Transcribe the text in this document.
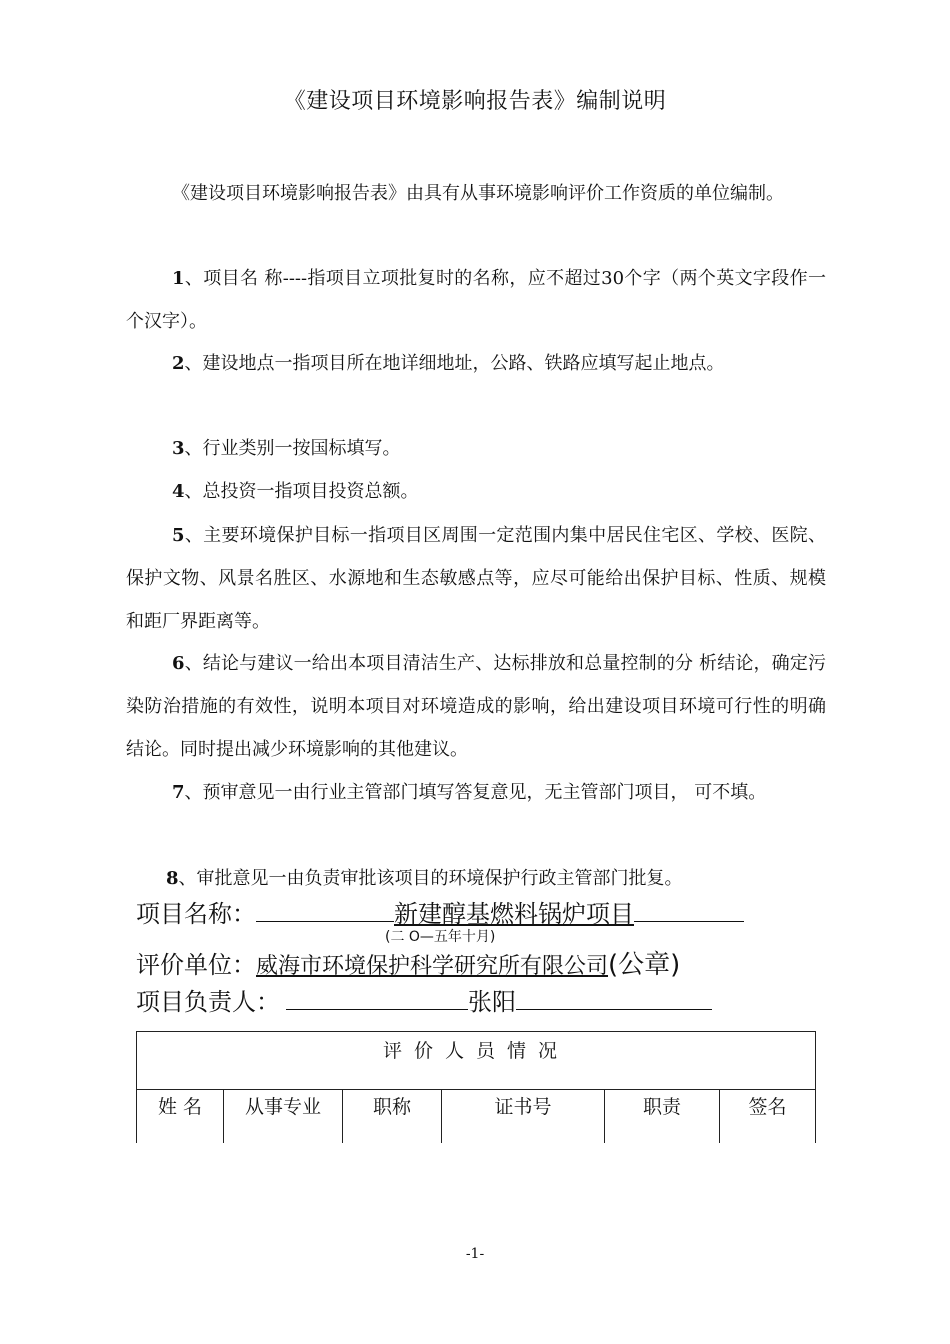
《建设项目环境影响报告表》编制说明

《建设项目环境影响报告表》由具有从事环境影响评价工作资质的单位编制。

1、项目名 称----指项目立项批复时的名称，应不超过30个字（两个英文字段作一个汉字）。

2、建设地点一指项目所在地详细地址，公路、铁路应填写起止地点。

3、行业类别一按国标填写。

4、总投资一指项目投资总额。

5、主要环境保护目标一指项目区周围一定范围内集中居民住宅区、学校、医院、保护文物、风景名胜区、水源地和生态敏感点等，应尽可能给出保护目标、性质、规模和距厂界距离等。

6、结论与建议一给出本项目清洁生产、达标排放和总量控制的分 析结论，确定污染防治措施的有效性，说明本项目对环境造成的影响，给出建设项目环境可行性的明确结论。同时提出减少环境影响的其他建议。

7、预审意见一由行业主管部门填写答复意见，无主管部门项目， 可不填。

8、审批意见一由负责审批该项目的环境保护行政主管部门批复。

项目名称：	新建醇基燃料锅炉项目
(二 O—五年十月)
评价单位：威海市环境保护科学研究所有限公司(公章)
项目负责人：	张阳
评价人员情况
姓 名	从事专业	职称	证书号	职责	签名
-1-
